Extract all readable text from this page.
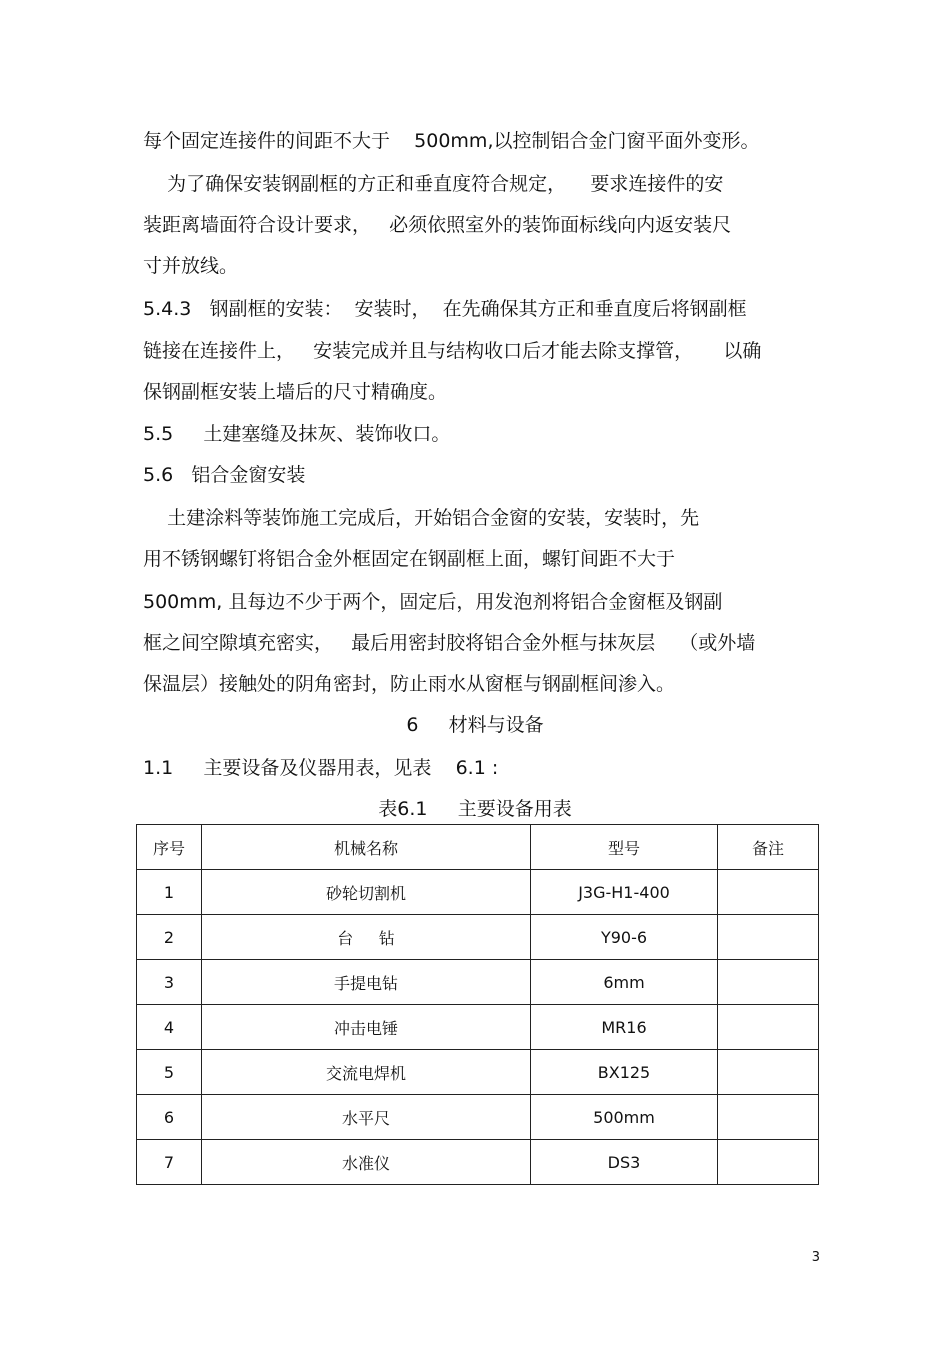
每个固定连接件的间距不大于    500mm,以控制铝合金门窗平面外变形。

为了确保安装钢副框的方正和垂直度符合规定，    要求连接件的安

装距离墙面符合设计要求，   必须依照室外的装饰面标线向内返安装尺

寸并放线。

5.4.3   钢副框的安装：  安装时，  在先确保其方正和垂直度后将钢副框

链接在连接件上，   安装完成并且与结构收口后才能去除支撑管，     以确

保钢副框安装上墙后的尺寸精确度。

5.5     土建塞缝及抹灰、装饰收口。

5.6   铝合金窗安装

土建涂料等装饰施工完成后，开始铝合金窗的安装，安装时，先

用不锈钢螺钉将铝合金外框固定在钢副框上面，螺钉间距不大于

500mm, 且每边不少于两个，固定后，用发泡剂将铝合金窗框及钢副

框之间空隙填充密实，   最后用密封胶将铝合金外框与抹灰层    （或外墙

保温层）接触处的阴角密封，防止雨水从窗框与钢副框间渗入。

6     材料与设备

1.1     主要设备及仪器用表，见表    6.1 :

表6.1     主要设备用表

序号	机械名称	型号	备注
1	砂轮切割机	J3G-H1-400	
2	台     钻	Y90-6	
3	手提电钻	6mm	
4	冲击电锤	MR16	
5	交流电焊机	BX125	
6	水平尺	500mm	
7	水准仪	DS3	
3
